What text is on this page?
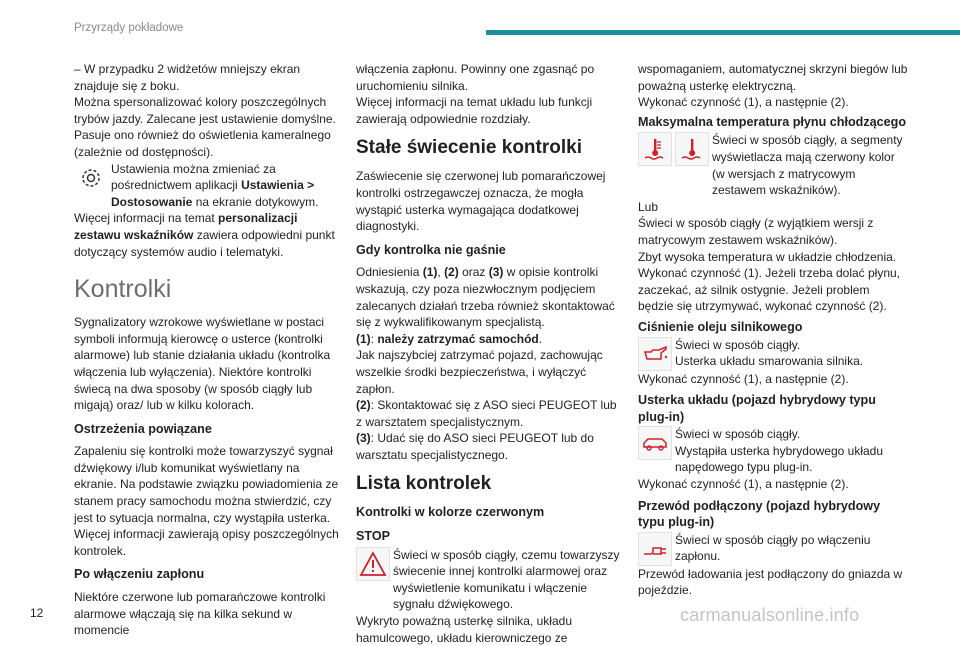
Przyrządy pokładowe

– W przypadku 2 widżetów mniejszy ekran znajduje się z boku.

Można spersonalizować kolory poszczególnych trybów jazdy. Zalecane jest ustawienie domyślne.

Pasuje ono również do oświetlenia kameralnego (zależnie od dostępności).

Ustawienia można zmieniać za pośrednictwem aplikacji Ustawienia > Dostosowanie na ekranie dotykowym.

Więcej informacji na temat personalizacji zestawu wskaźników zawiera odpowiedni punkt dotyczący systemów audio i telematyki.

Kontrolki

Sygnalizatory wzrokowe wyświetlane w postaci symboli informują kierowcę o usterce (kontrolki alarmowe) lub stanie działania układu (kontrolka włączenia lub wyłączenia). Niektóre kontrolki świecą na dwa sposoby (w sposób ciągły lub migają) oraz/ lub w kilku kolorach.

Ostrzeżenia powiązane

Zapaleniu się kontrolki może towarzyszyć sygnał dźwiękowy i/lub komunikat wyświetlany na ekranie. Na podstawie związku powiadomienia ze stanem pracy samochodu można stwierdzić, czy jest to sytuacja normalna, czy wystąpiła usterka. Więcej informacji zawierają opisy poszczególnych kontrolek.

Po włączeniu zapłonu

Niektóre czerwone lub pomarańczowe kontrolki alarmowe włączają się na kilka sekund w momencie

włączenia zapłonu. Powinny one zgasnąć po uruchomieniu silnika.

Więcej informacji na temat układu lub funkcji zawierają odpowiednie rozdziały.

Stałe świecenie kontrolki

Zaświecenie się czerwonej lub pomarańczowej kontrolki ostrzegawczej oznacza, że mogła wystąpić usterka wymagająca dodatkowej diagnostyki.

Gdy kontrolka nie gaśnie

Odniesienia (1), (2) oraz (3) w opisie kontrolki wskazują, czy poza niezwłocznym podjęciem zalecanych działań trzeba również skontaktować się z wykwalifikowanym specjalistą.

(1): należy zatrzymać samochód.

Jak najszybciej zatrzymać pojazd, zachowując wszelkie środki bezpieczeństwa, i wyłączyć zapłon.

(2): Skontaktować się z ASO sieci PEUGEOT lub z warsztatem specjalistycznym.

(3): Udać się do ASO sieci PEUGEOT lub do warsztatu specjalistycznego.

Lista kontrolek
Kontrolki w kolorze czerwonym
STOP
Świeci w sposób ciągły, czemu towarzyszy świecenie innej kontrolki alarmowej oraz wyświetlenie komunikatu i włączenie sygnału dźwiękowego.

Wykryto poważną usterkę silnika, układu hamulcowego, układu kierowniczego ze

wspomaganiem, automatycznej skrzyni biegów lub poważną usterkę elektryczną.

Wykonać czynność (1), a następnie (2).

Maksymalna temperatura płynu chłodzącego
Świeci w sposób ciągły, a segmenty wyświetlacza mają czerwony kolor (w wersjach z matrycowym zestawem wskaźników).

Lub

Świeci w sposób ciągły (z wyjątkiem wersji z matrycowym zestawem wskaźników).

Zbyt wysoka temperatura w układzie chłodzenia.

Wykonać czynność (1). Jeżeli trzeba dolać płynu, zaczekać, aż silnik ostygnie. Jeżeli problem będzie się utrzymywać, wykonać czynność (2).

Ciśnienie oleju silnikowego
Świeci w sposób ciągły.
Usterka układu smarowania silnika.

Wykonać czynność (1), a następnie (2).

Usterka układu (pojazd hybrydowy typu plug-in)
Świeci w sposób ciągły.
Wystąpiła usterka hybrydowego układu napędowego typu plug-in.

Wykonać czynność (1), a następnie (2).

Przewód podłączony (pojazd hybrydowy typu plug-in)
Świeci w sposób ciągły po włączeniu zapłonu.

Przewód ładowania jest podłączony do gniazda w pojeździe.

12	carmanualsonline.info
